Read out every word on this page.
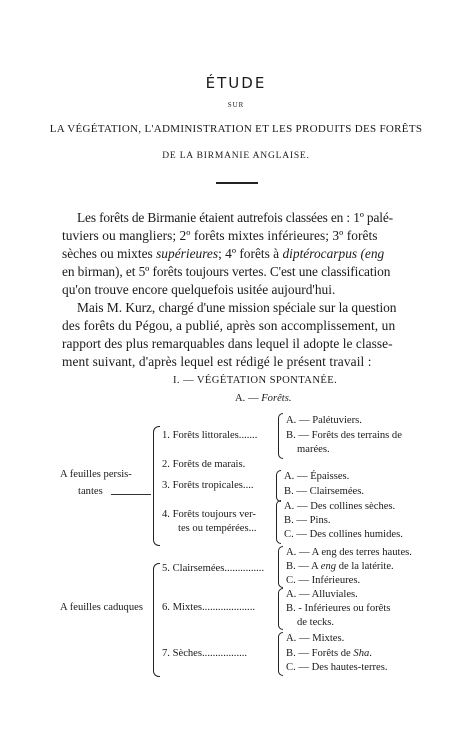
ÉTUDE
SUR
LA VÉGÉTATION, L'ADMINISTRATION ET LES PRODUITS DES FORÊTS
DE LA BIRMANIE ANGLAISE.
Les forêts de Birmanie étaient autrefois classées en : 1º palé-
tuviers ou mangliers; 2º forêts mixtes inférieures; 3º forêts
sèches ou mixtes supérieures; 4º forêts à diptérocarpus (eng
en birman), et 5º forêts toujours vertes. C'est une classification
qu'on trouve encore quelquefois usitée aujourd'hui.
Mais M. Kurz, chargé d'une mission spéciale sur la question
des forêts du Pégou, a publié, après son accomplissement, un
rapport des plus remarquables dans lequel il adopte le classe-
ment suivant, d'après lequel est rédigé le présent travail :
I. — VÉGÉTATION SPONTANÉE.
A. — Forêts.
A feuilles persis-
tantes
A feuilles caduques
1. Forêts littorales.......
2. Forêts de marais.
3. Forêts tropicales....
4. Forêts toujours ver-
tes ou tempérées...
5. Clairsemées...............
6. Mixtes....................
7. Sèches.................
A. — Palétuviers.
B. — Forêts des terrains de
marées.
A. — Épaisses.
B. — Clairsemées.
A. — Des collines sèches.
B. — Pins.
C. — Des collines humides.
A. — A eng des terres hautes.
B. — A eng de la latérite.
C. — Inférieures.
A. — Alluviales.
B. - Inférieures ou forêts
de tecks.
A. — Mixtes.
B. — Forêts de Sha.
C. — Des hautes-terres.
